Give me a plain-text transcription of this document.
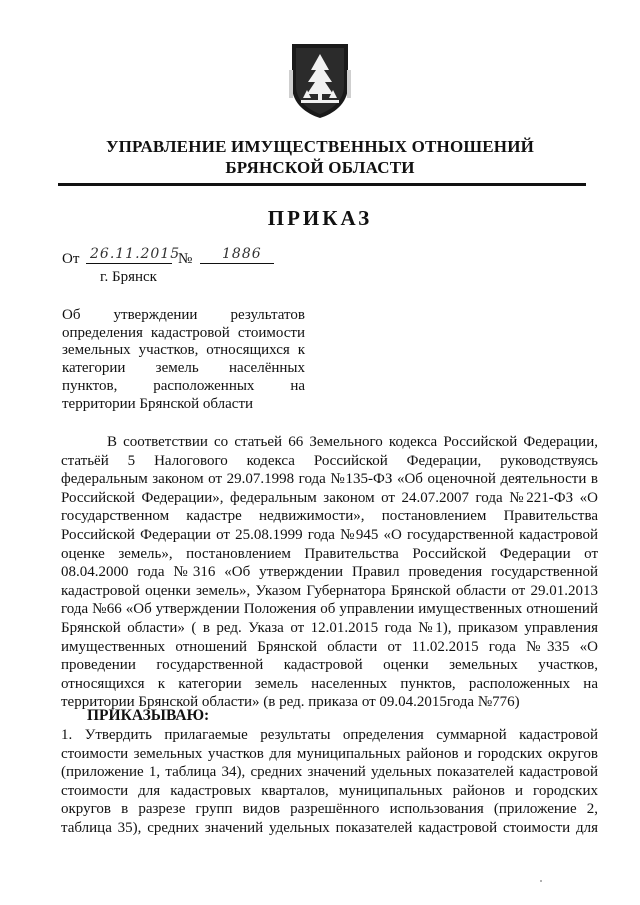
УПРАВЛЕНИЕ ИМУЩЕСТВЕННЫХ ОТНОШЕНИЙ
БРЯНСКОЙ ОБЛАСТИ
ПРИКАЗ
От 26.11.2015
№ 1886
г. Брянск
Об утверждении результатов
определения кадастровой стоимости
земельных участков, относящихся к
категории земель населённых
пунктов, расположенных на
территории Брянской области
В соответствии со статьей 66 Земельного кодекса Российской Федерации,
статьёй 5 Налогового кодекса Российской Федерации, руководствуясь
федеральным законом от 29.07.1998 года №135-ФЗ «Об оценочной деятельности в
Российской Федерации», федеральным законом от 24.07.2007 года №221-ФЗ «О
государственном кадастре недвижимости», постановлением Правительства
Российской Федерации от 25.08.1999 года №945 «О государственной кадастровой
оценке земель», постановлением Правительства Российской Федерации от
08.04.2000 года №316 «Об утверждении Правил проведения государственной
кадастровой оценки земель», Указом Губернатора Брянской области от 29.01.2013
года №66 «Об утверждении Положения об управлении имущественных отношений
Брянской области» ( в ред. Указа от 12.01.2015 года №1), приказом управления
имущественных отношений Брянской области от 11.02.2015 года №335 «О
проведении государственной кадастровой оценки земельных участков,
относящихся к категории земель населенных пунктов, расположенных на
территории Брянской области» (в ред. приказа от 09.04.2015года №776)
ПРИКАЗЫВАЮ:
1. Утвердить прилагаемые результаты определения суммарной кадастровой
стоимости земельных участков для муниципальных районов и городских округов
(приложение 1, таблица 34), средних значений удельных показателей кадастровой
стоимости для кадастровых кварталов, муниципальных районов и городских
округов в разрезе групп видов разрешённого использования (приложение 2,
таблица 35), средних значений удельных показателей кадастровой стоимости для
